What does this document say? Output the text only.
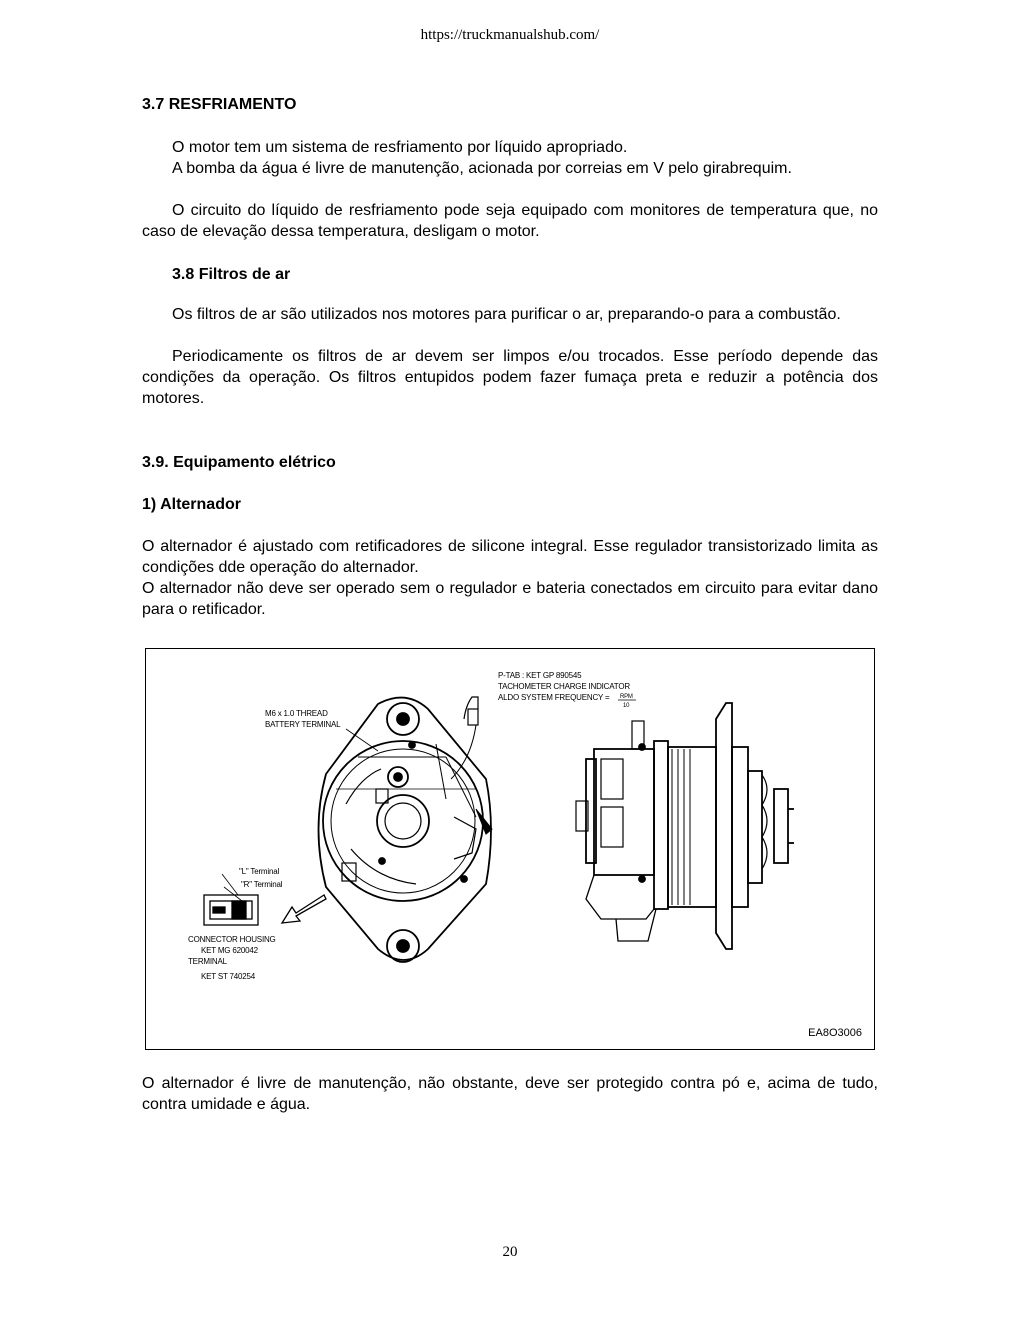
https://truckmanualshub.com/
3.7 RESFRIAMENTO

O motor tem um sistema de resfriamento por líquido apropriado.

A bomba da água é livre de manutenção, acionada por correias em V pelo girabrequim.

O circuito do líquido de resfriamento pode seja equipado com monitores de temperatura que, no caso de elevação dessa temperatura, desligam o motor.

3.8 Filtros de ar

Os filtros de ar são utilizados nos motores para purificar o ar, preparando-o para a combustão.

Periodicamente os filtros de ar devem ser limpos e/ou trocados. Esse período depende das condições da operação. Os filtros entupidos podem fazer fumaça preta e reduzir a potência dos motores.

3.9. Equipamento elétrico
1) Alternador

O alternador é ajustado com retificadores de silicone integral. Esse regulador transistorizado limita as condições dde operação do alternador.

O alternador não deve ser operado sem o regulador e bateria conectados em circuito para evitar dano para o retificador.

O alternador é livre de manutenção, não obstante, deve ser protegido contra pó e, acima de tudo, contra umidade e água.

P-TAB : KET GP 890545
TACHOMETER CHARGE INDICATOR
ALDO SYSTEM FREQUENCY = RPM
10
M6 x 1.0 THREAD
BATTERY TERMINAL
"L" Terminal
"R" Terminal
CONNECTOR HOUSING
KET MG 620042
TERMINAL
KET ST 740254
EA8O3006
20
